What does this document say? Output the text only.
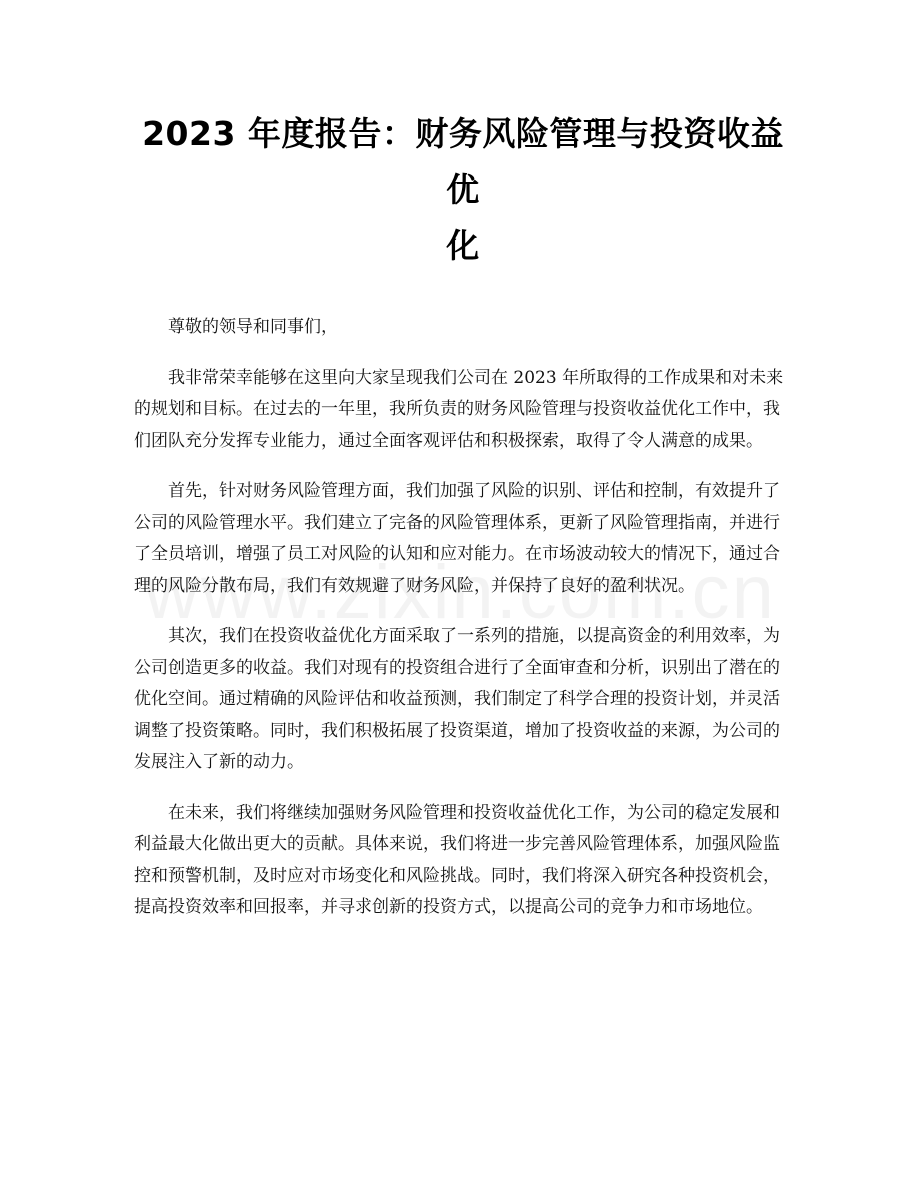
2023 年度报告：财务风险管理与投资收益优
化

尊敬的领导和同事们，

我非常荣幸能够在这里向大家呈现我们公司在 2023 年所取得的工作成果和对未来的规划和目标。在过去的一年里，我所负责的财务风险管理与投资收益优化工作中，我们团队充分发挥专业能力，通过全面客观评估和积极探索，取得了令人满意的成果。

首先，针对财务风险管理方面，我们加强了风险的识别、评估和控制，有效提升了公司的风险管理水平。我们建立了完备的风险管理体系，更新了风险管理指南，并进行了全员培训，增强了员工对风险的认知和应对能力。在市场波动较大的情况下，通过合理的风险分散布局，我们有效规避了财务风险，并保持了良好的盈利状况。

其次，我们在投资收益优化方面采取了一系列的措施，以提高资金的利用效率，为公司创造更多的收益。我们对现有的投资组合进行了全面审查和分析，识别出了潜在的优化空间。通过精确的风险评估和收益预测，我们制定了科学合理的投资计划，并灵活调整了投资策略。同时，我们积极拓展了投资渠道，增加了投资收益的来源，为公司的发展注入了新的动力。

在未来，我们将继续加强财务风险管理和投资收益优化工作，为公司的稳定发展和利益最大化做出更大的贡献。具体来说，我们将进一步完善风险管理体系，加强风险监控和预警机制，及时应对市场变化和风险挑战。同时，我们将深入研究各种投资机会，提高投资效率和回报率，并寻求创新的投资方式，以提高公司的竞争力和市场地位。
